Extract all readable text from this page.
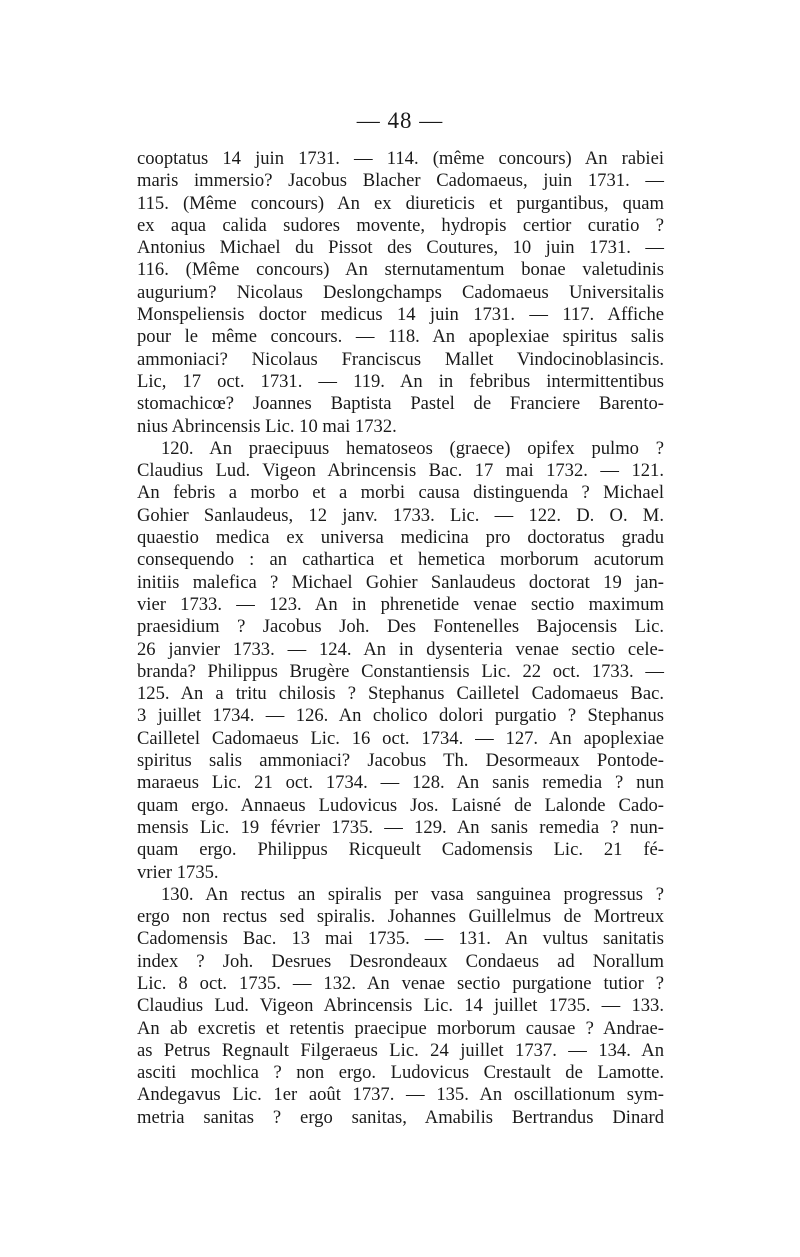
— 48 —
cooptatus 14 juin 1731. — 114. (même concours) An rabiei
maris immersio? Jacobus Blacher Cadomaeus, juin 1731. —
115. (Même concours) An ex diureticis et purgantibus, quam
ex aqua calida sudores movente, hydropis certior curatio ?
Antonius Michael du Pissot des Coutures, 10 juin 1731. —
116. (Même concours) An sternutamentum bonae valetudinis
augurium? Nicolaus Deslongchamps Cadomaeus Universitalis
Monspeliensis doctor medicus 14 juin 1731. — 117. Affiche
pour le même concours. — 118. An apoplexiae spiritus salis
ammoniaci? Nicolaus Franciscus Mallet Vindocinoblasincis.
Lic, 17 oct. 1731. — 119. An in febribus intermittentibus
stomachicœ? Joannes Baptista Pastel de Franciere Barento-
nius Abrincensis Lic. 10 mai 1732.
120. An praecipuus hematoseos (graece) opifex pulmo ?
Claudius Lud. Vigeon Abrincensis Bac. 17 mai 1732. — 121.
An febris a morbo et a morbi causa distinguenda ? Michael
Gohier Sanlaudeus, 12 janv. 1733. Lic. — 122. D. O. M.
quaestio medica ex universa medicina pro doctoratus gradu
consequendo : an cathartica et hemetica morborum acutorum
initiis malefica ? Michael Gohier Sanlaudeus doctorat 19 jan-
vier 1733. — 123. An in phrenetide venae sectio maximum
praesidium ? Jacobus Joh. Des Fontenelles Bajocensis Lic.
26 janvier 1733. — 124. An in dysenteria venae sectio cele-
branda? Philippus Brugère Constantiensis Lic. 22 oct. 1733. —
125. An a tritu chilosis ? Stephanus Cailletel Cadomaeus Bac.
3 juillet 1734. — 126. An cholico dolori purgatio ? Stephanus
Cailletel Cadomaeus Lic. 16 oct. 1734. — 127. An apoplexiae
spiritus salis ammoniaci? Jacobus Th. Desormeaux Pontode-
maraeus Lic. 21 oct. 1734. — 128. An sanis remedia ? nun
quam ergo. Annaeus Ludovicus Jos. Laisné de Lalonde Cado-
mensis Lic. 19 février 1735. — 129. An sanis remedia ? nun-
quam ergo. Philippus Ricqueult Cadomensis Lic. 21 fé-
vrier 1735.
130. An rectus an spiralis per vasa sanguinea progressus ?
ergo non rectus sed spiralis. Johannes Guillelmus de Mortreux
Cadomensis Bac. 13 mai 1735. — 131. An vultus sanitatis
index ? Joh. Desrues Desrondeaux Condaeus ad Norallum
Lic. 8 oct. 1735. — 132. An venae sectio purgatione tutior ?
Claudius Lud. Vigeon Abrincensis Lic. 14 juillet 1735. — 133.
An ab excretis et retentis praecipue morborum causae ? Andrae-
as Petrus Regnault Filgeraeus Lic. 24 juillet 1737. — 134. An
asciti mochlica ? non ergo. Ludovicus Crestault de Lamotte.
Andegavus Lic. 1er août 1737. — 135. An oscillationum sym-
metria sanitas ? ergo sanitas, Amabilis Bertrandus Dinard
